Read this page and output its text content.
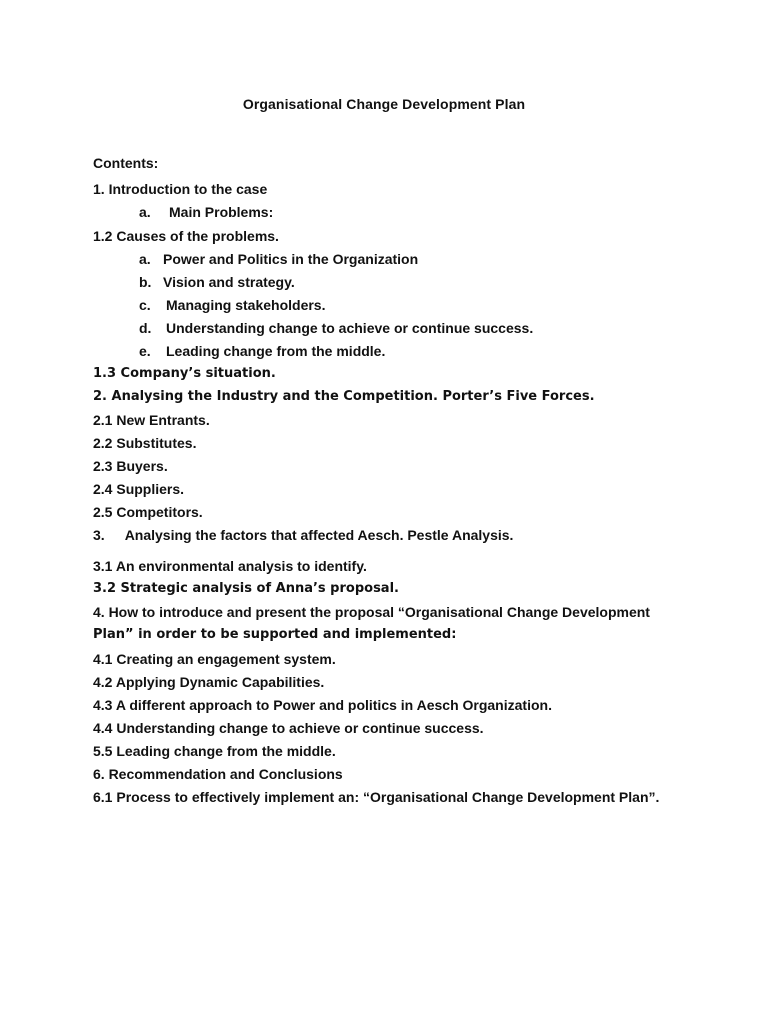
Organisational Change Development Plan
Contents:
1. Introduction to the case
a. Main Problems:
1.2 Causes of the problems.
a. Power and Politics in the Organization
b. Vision and strategy.
c. Managing stakeholders.
d. Understanding change to achieve or continue success.
e. Leading change from the middle.
1.3 Company’s situation.
2. Analysing the Industry and the Competition. Porter’s Five Forces.
2.1 New Entrants.
2.2 Substitutes.
2.3 Buyers.
2.4 Suppliers.
2.5 Competitors.
3. Analysing the factors that affected Aesch. Pestle Analysis.
3.1 An environmental analysis to identify.
3.2 Strategic analysis of Anna’s proposal.
4. How to introduce and present the proposal “Organisational Change Development
Plan” in order to be supported and implemented:
4.1 Creating an engagement system.
4.2 Applying Dynamic Capabilities.
4.3 A different approach to Power and politics in Aesch Organization.
4.4 Understanding change to achieve or continue success.
5.5 Leading change from the middle.
6. Recommendation and Conclusions
6.1 Process to effectively implement an: “Organisational Change Development Plan”.
